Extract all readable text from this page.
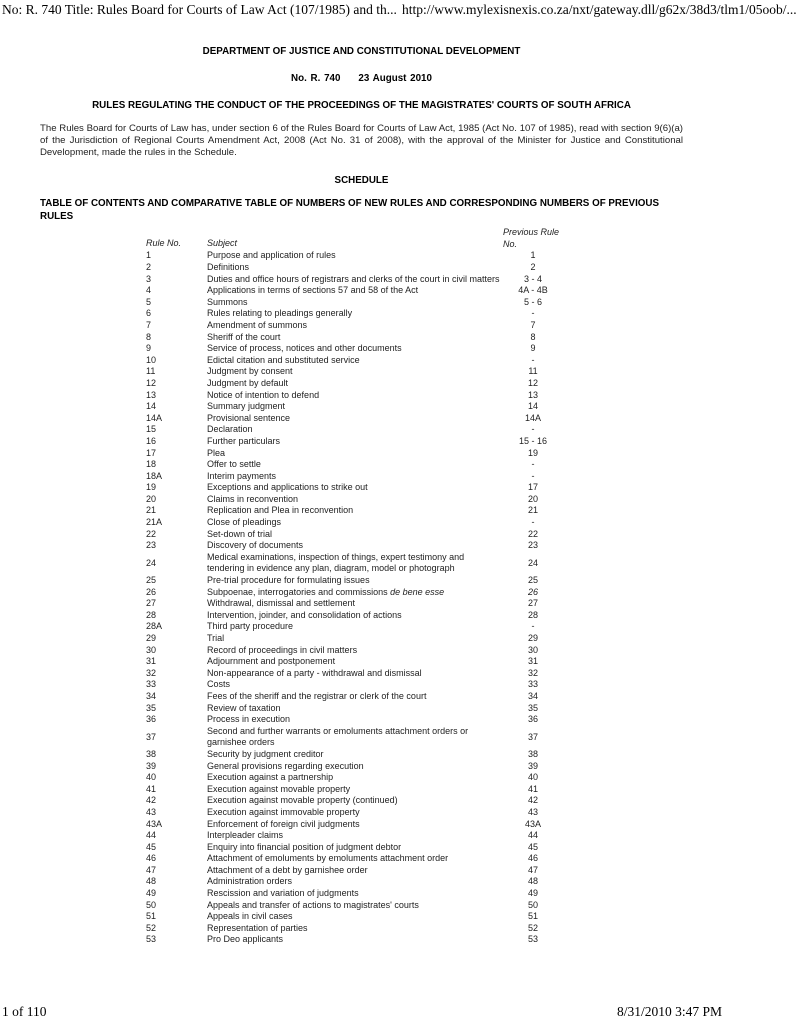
No: R. 740 Title: Rules Board for Courts of Law Act (107/1985) and th... http://www.mylexisnexis.co.za/nxt/gateway.dll/g62x/38d3/tlm1/05oob/...
DEPARTMENT OF JUSTICE AND CONSTITUTIONAL DEVELOPMENT
No. R. 740 23 August 2010
RULES REGULATING THE CONDUCT OF THE PROCEEDINGS OF THE MAGISTRATES' COURTS OF SOUTH AFRICA
The Rules Board for Courts of Law has, under section 6 of the Rules Board for Courts of Law Act, 1985 (Act No. 107 of 1985), read with section 9(6)(a) of the Jurisdiction of Regional Courts Amendment Act, 2008 (Act No. 31 of 2008), with the approval of the Minister for Justice and Constitutional Development, made the rules in the Schedule.
SCHEDULE
TABLE OF CONTENTS AND COMPARATIVE TABLE OF NUMBERS OF NEW RULES AND CORRESPONDING NUMBERS OF PREVIOUS RULES
Rule No.	Subject	Previous Rule No.
1	Purpose and application of rules	1
2	Definitions	2
3	Duties and office hours of registrars and clerks of the court in civil matters	3 - 4
4	Applications in terms of sections 57 and 58 of the Act	4A - 4B
5	Summons	5 - 6
6	Rules relating to pleadings generally	-
7	Amendment of summons	7
8	Sheriff of the court	8
9	Service of process, notices and other documents	9
10	Edictal citation and substituted service	-
11	Judgment by consent	11
12	Judgment by default	12
13	Notice of intention to defend	13
14	Summary judgment	14
14A	Provisional sentence	14A
15	Declaration	-
16	Further particulars	15 - 16
17	Plea	19
18	Offer to settle	-
18A	Interim payments	-
19	Exceptions and applications to strike out	17
20	Claims in reconvention	20
21	Replication and Plea in reconvention	21
21A	Close of pleadings	-
22	Set-down of trial	22
23	Discovery of documents	23
24	Medical examinations, inspection of things, expert testimony and tendering in evidence any plan, diagram, model or photograph	24
25	Pre-trial procedure for formulating issues	25
26	Subpoenae, interrogatories and commissions de bene esse	26
27	Withdrawal, dismissal and settlement	27
28	Intervention, joinder, and consolidation of actions	28
28A	Third party procedure	-
29	Trial	29
30	Record of proceedings in civil matters	30
31	Adjournment and postponement	31
32	Non-appearance of a party - withdrawal and dismissal	32
33	Costs	33
34	Fees of the sheriff and the registrar or clerk of the court	34
35	Review of taxation	35
36	Process in execution	36
37	Second and further warrants or emoluments attachment orders or garnishee orders	37
38	Security by judgment creditor	38
39	General provisions regarding execution	39
40	Execution against a partnership	40
41	Execution against movable property	41
42	Execution against movable property (continued)	42
43	Execution against immovable property	43
43A	Enforcement of foreign civil judgments	43A
44	Interpleader claims	44
45	Enquiry into financial position of judgment debtor	45
46	Attachment of emoluments by emoluments attachment order	46
47	Attachment of a debt by garnishee order	47
48	Administration orders	48
49	Rescission and variation of judgments	49
50	Appeals and transfer of actions to magistrates' courts	50
51	Appeals in civil cases	51
52	Representation of parties	52
53	Pro Deo applicants	53
1 of 110	8/31/2010 3:47 PM
